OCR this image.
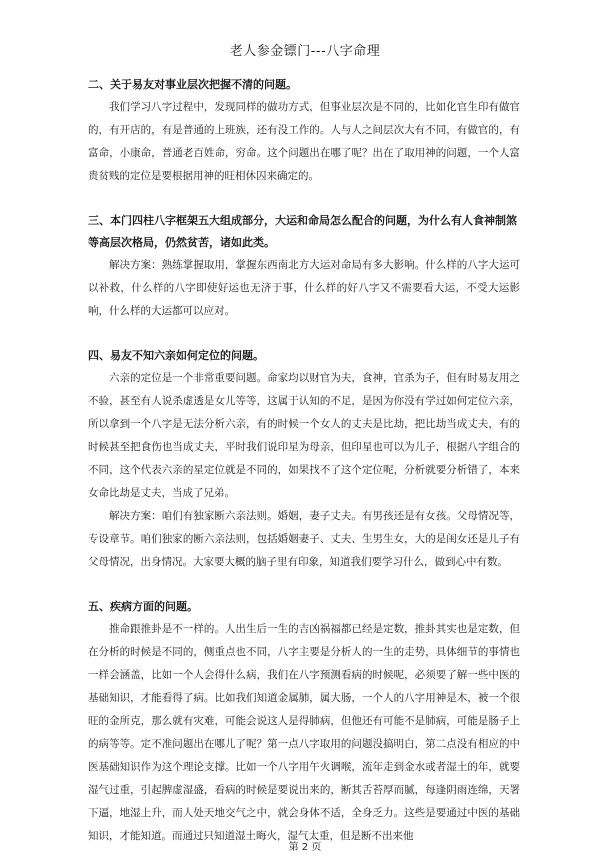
老人参金镖门---八字命理

二、关于易友对事业层次把握不清的问题。

我们学习八字过程中，发现同样的做功方式，但事业层次是不同的，比如化官生印有做官的，有开店的，有是普通的上班族，还有没工作的。人与人之间层次大有不同，有做官的，有富命，小康命，普通老百姓命，穷命。这个问题出在哪了呢？出在了取用神的问题，一个人富贵贫贱的定位是要根据用神的旺相休囚来确定的。

三、本门四柱八字框架五大组成部分，大运和命局怎么配合的问题，为什么有人食神制煞等高层次格局，仍然贫苦，诸如此类。

解决方案：熟练掌握取用，掌握东西南北方大运对命局有多大影响。什么样的八字大运可以补救，什么样的八字即使好运也无济于事，什么样的好八字又不需要看大运，不受大运影响，什么样的大运都可以应对。

四、易友不知六亲如何定位的问题。

六亲的定位是一个非常重要问题。命家均以财官为夫，食神，官杀为子，但有时易友用之不验，甚至有人说杀虚透是女儿等等，这属于认知的不足，是因为你没有学过如何定位六亲，所以拿到一个八字是无法分析六亲，有的时候一个女人的丈夫是比劫，把比劫当成丈夫，有的时候甚至把食伤也当成丈夫，平时我们说印星为母亲，但印星也可以为儿子，根据八字组合的不同，这个代表六亲的星定位就是不同的，如果找不了这个定位呢，分析就要分析错了，本来女命比劫是丈夫，当成了兄弟。

解决方案：咱们有独家断六亲法则。婚姻，妻子丈夫。有男孩还是有女孩。父母情况等，专设章节。咱们独家的断六亲法则，包括婚姻妻子、丈夫、生男生女，大的是闺女还是儿子有父母情况，出身情况。大家要大概的脑子里有印象，知道我们要学习什么，做到心中有数。

五、疾病方面的问题。

推命跟推卦是不一样的。人出生后一生的吉凶祸福都已经是定数，推卦其实也是定数，但在分析的时候是不同的，侧重点也不同，八字主要是分析人的一生的走势，具体细节的事情也一样会涵盖，比如一个人会得什么病，我们在八字预测看病的时候呢，必须要了解一些中医的基础知识，才能看得了病。比如我们知道金属肺，属大肠，一个人的八字用神是木，被一个很旺的金所克，那么就有灾难，可能会说这人是得肺病，但他还有可能不是肺病，可能是肠子上的病等等。定不准问题出在哪儿了呢？第一点八字取用的问题没搞明白，第二点没有相应的中医基础知识作为这个理论支撑。比如一个八字用午火调喉，流年走到金水或者湿土的年，就要湿气过重，引起脾虚湿盛，看病的时候是要说出来的，断其舌苔厚而腻，每逢阴雨连绵，天署下逼，地湿上升，而人处天地交气之中，就会身体不适，全身乏力。这些是要通过中医的基础知识，才能知道。而通过只知道湿土晦火，湿气太重，但是断不出来他

第 2 页
